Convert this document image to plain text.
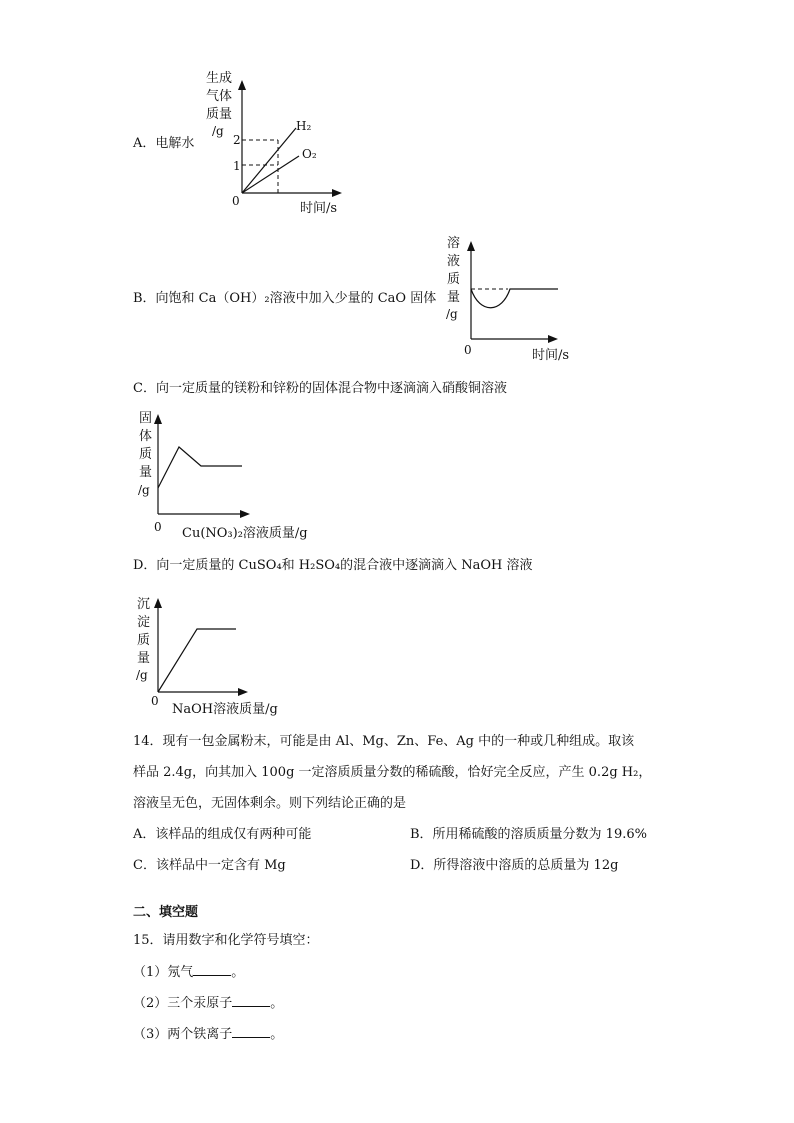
A．电解水
生成
气体
质量
/g
2
1
0
H₂
O₂
时间/s
B．向饱和 Ca（OH）₂溶液中加入少量的 CaO 固体
溶
液
质
量
/g
0	时间/s
C．向一定质量的镁粉和锌粉的固体混合物中逐滴滴入硝酸铜溶液
固
体
质
量
/g
0 Cu(NO₃)₂溶液质量/g
D．向一定质量的 CuSO₄和 H₂SO₄的混合液中逐滴滴入 NaOH 溶液
沉
淀
质
量
/g
0
NaOH溶液质量/g
14．现有一包金属粉末，可能是由 Al、Mg、Zn、Fe、Ag 中的一种或几种组成。取该
样品 2.4g，向其加入 100g 一定溶质质量分数的稀硫酸，恰好完全反应，产生 0.2g H₂，
溶液呈无色，无固体剩余。则下列结论正确的是
A．该样品的组成仅有两种可能	B．所用稀硫酸的溶质质量分数为 19.6%
C．该样品中一定含有 Mg	D．所得溶液中溶质的总质量为 12g
二、填空题
15．请用数字和化学符号填空：
（1）氖气	。
（2）三个汞原子	。
（3）两个铁离子	。
